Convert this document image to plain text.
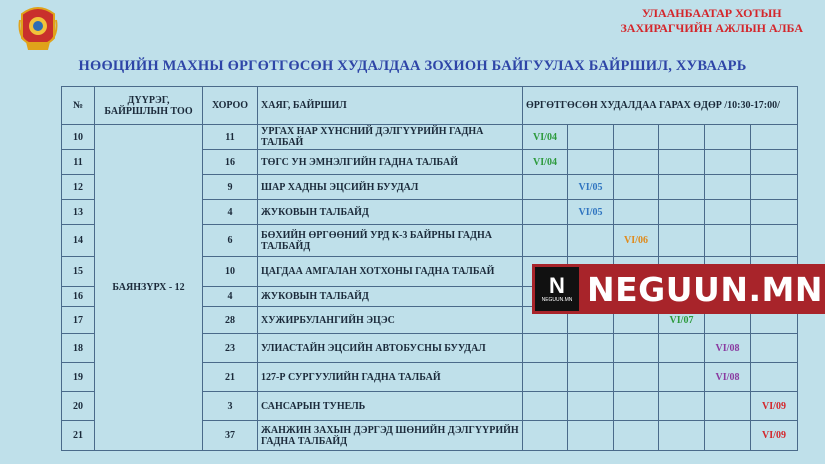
УЛААНБААТАР ХОТЫН
ЗАХИРАГЧИЙН АЖЛЫН АЛБА
НӨӨЦИЙН МАХНЫ ӨРГӨТГӨСӨН ХУДАЛДАА ЗОХИОН БАЙГУУЛАХ БАЙРШИЛ, ХУВААРЬ
№	ДҮҮРЭГ, БАЙРШЛЫН ТОО	ХОРОО	ХАЯГ, БАЙРШИЛ	ӨРГӨТГӨСӨН ХУДАЛДАА ГАРАХ ӨДӨР /10:30-17:00/					
10	БАЯНЗҮРХ - 12	11	УРГАХ НАР ХҮНСНИЙ ДЭЛГҮҮРИЙН ГАДНА ТАЛБАЙ	VI/04					
11		16	ТӨГС УН ЭМНЭЛГИЙН ГАДНА ТАЛБАЙ	VI/04					
12		9	ШАР ХАДНЫ ЭЦСИЙН БУУДАЛ		VI/05				
13		4	ЖУКОВЫН ТАЛБАЙД		VI/05				
14		6	БӨХИЙН ӨРГӨӨНИЙ УРД К-3 БАЙРНЫ ГАДНА ТАЛБАЙД			VI/06			
15		10	ЦАГДАА АМГАЛАН ХОТХОНЫ ГАДНА ТАЛБАЙ						
16		4	ЖУКОВЫН ТАЛБАЙД						
17		28	ХУЖИРБУЛАНГИЙН ЭЦЭС				VI/07		
18		23	УЛИАСТАЙН ЭЦСИЙН АВТОБУСНЫ БУУДАЛ					VI/08	
19		21	127-Р СУРГУУЛИЙН ГАДНА ТАЛБАЙ					VI/08	
20		3	САНСАРЫН ТУНЕЛЬ						VI/09
21		37	ЖАНЖИН ЗАХЫН ДЭРГЭД ШӨНИЙН ДЭЛГҮҮРИЙН ГАДНА ТАЛБАЙД						VI/09
N
NEGUUN.MN NEGUUN.MN
